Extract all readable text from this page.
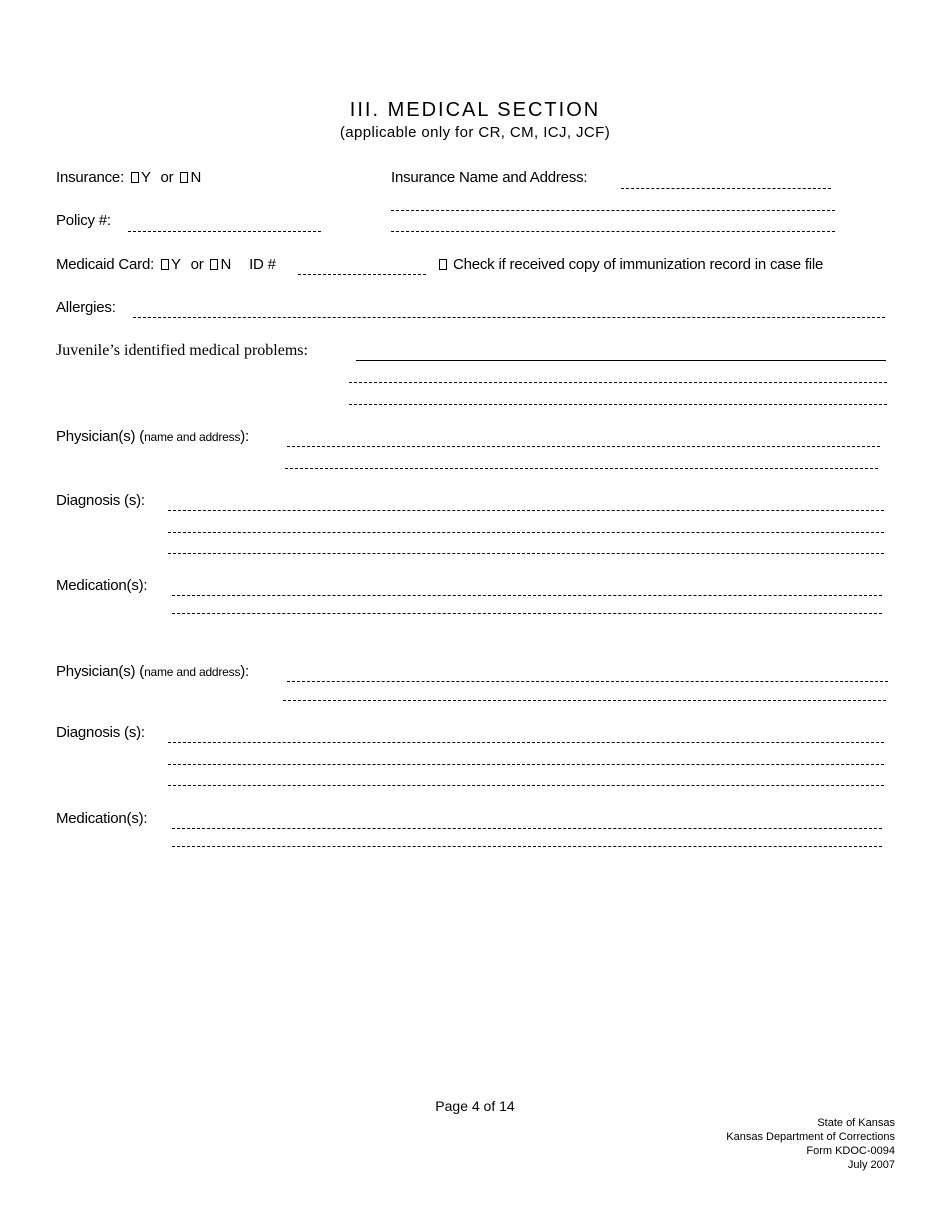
III. MEDICAL SECTION
(applicable only for CR, CM, ICJ, JCF)
Insurance: Y or N	Insurance Name and Address:
Policy #:
Medicaid Card: Y or N ID #	Check if received copy of immunization record in case file
Allergies:
Juvenile’s identified medical problems:
Physician(s) (name and address):
Diagnosis (s):
Medication(s):
Physician(s) (name and address):
Diagnosis (s):
Medication(s):
Page 4 of 14
State of Kansas
Kansas Department of Corrections
Form KDOC-0094
July 2007
